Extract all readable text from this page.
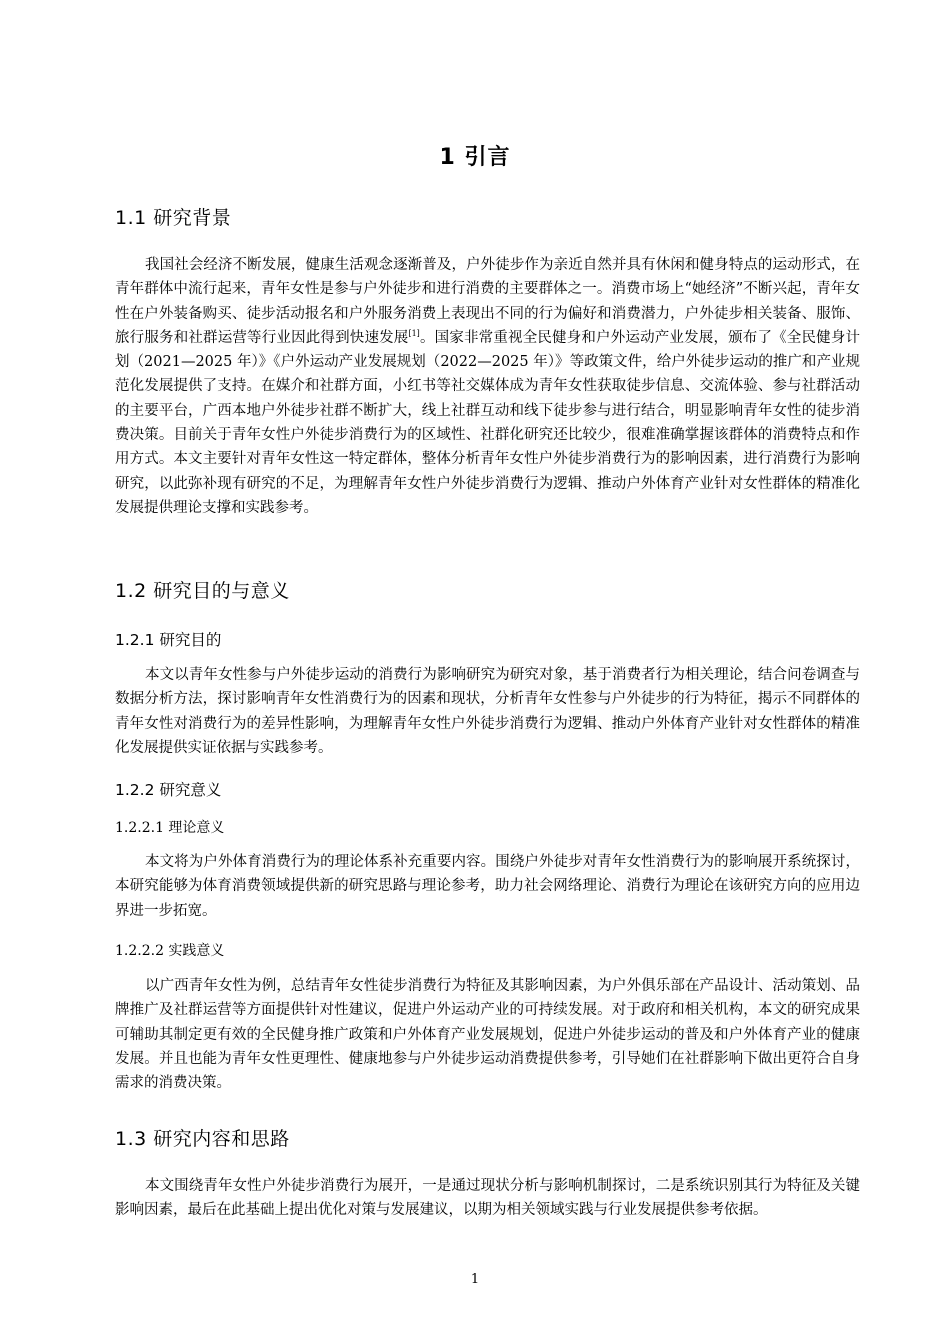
1 引言
1.1 研究背景

我国社会经济不断发展，健康生活观念逐渐普及，户外徒步作为亲近自然并具有休闲和健身特点的运动形式，在青年群体中流行起来，青年女性是参与户外徒步和进行消费的主要群体之一。消费市场上“她经济”不断兴起，青年女性在户外装备购买、徒步活动报名和户外服务消费上表现出不同的行为偏好和消费潜力，户外徒步相关装备、服饰、旅行服务和社群运营等行业因此得到快速发展[1]。国家非常重视全民健身和户外运动产业发展，颁布了《全民健身计划（2021—2025 年）》《户外运动产业发展规划（2022—2025 年）》等政策文件，给户外徒步运动的推广和产业规范化发展提供了支持。在媒介和社群方面，小红书等社交媒体成为青年女性获取徒步信息、交流体验、参与社群活动的主要平台，广西本地户外徒步社群不断扩大，线上社群互动和线下徒步参与进行结合，明显影响青年女性的徒步消费决策。目前关于青年女性户外徒步消费行为的区域性、社群化研究还比较少，很难准确掌握该群体的消费特点和作用方式。本文主要针对青年女性这一特定群体，整体分析青年女性户外徒步消费行为的影响因素，进行消费行为影响研究，以此弥补现有研究的不足，为理解青年女性户外徒步消费行为逻辑、推动户外体育产业针对女性群体的精准化发展提供理论支撑和实践参考。

1.2 研究目的与意义
1.2.1 研究目的

本文以青年女性参与户外徒步运动的消费行为影响研究为研究对象，基于消费者行为相关理论，结合问卷调查与数据分析方法，探讨影响青年女性消费行为的因素和现状，分析青年女性参与户外徒步的行为特征，揭示不同群体的青年女性对消费行为的差异性影响，为理解青年女性户外徒步消费行为逻辑、推动户外体育产业针对女性群体的精准化发展提供实证依据与实践参考。

1.2.2 研究意义
1.2.2.1 理论意义

本文将为户外体育消费行为的理论体系补充重要内容。围绕户外徒步对青年女性消费行为的影响展开系统探讨，本研究能够为体育消费领域提供新的研究思路与理论参考，助力社会网络理论、消费行为理论在该研究方向的应用边界进一步拓宽。

1.2.2.2 实践意义

以广西青年女性为例，总结青年女性徒步消费行为特征及其影响因素，为户外俱乐部在产品设计、活动策划、品牌推广及社群运营等方面提供针对性建议，促进户外运动产业的可持续发展。对于政府和相关机构，本文的研究成果可辅助其制定更有效的全民健身推广政策和户外体育产业发展规划，促进户外徒步运动的普及和户外体育产业的健康发展。并且也能为青年女性更理性、健康地参与户外徒步运动消费提供参考，引导她们在社群影响下做出更符合自身需求的消费决策。

1.3 研究内容和思路

本文围绕青年女性户外徒步消费行为展开，一是通过现状分析与影响机制探讨，二是系统识别其行为特征及关键影响因素，最后在此基础上提出优化对策与发展建议，以期为相关领域实践与行业发展提供参考依据。

1
